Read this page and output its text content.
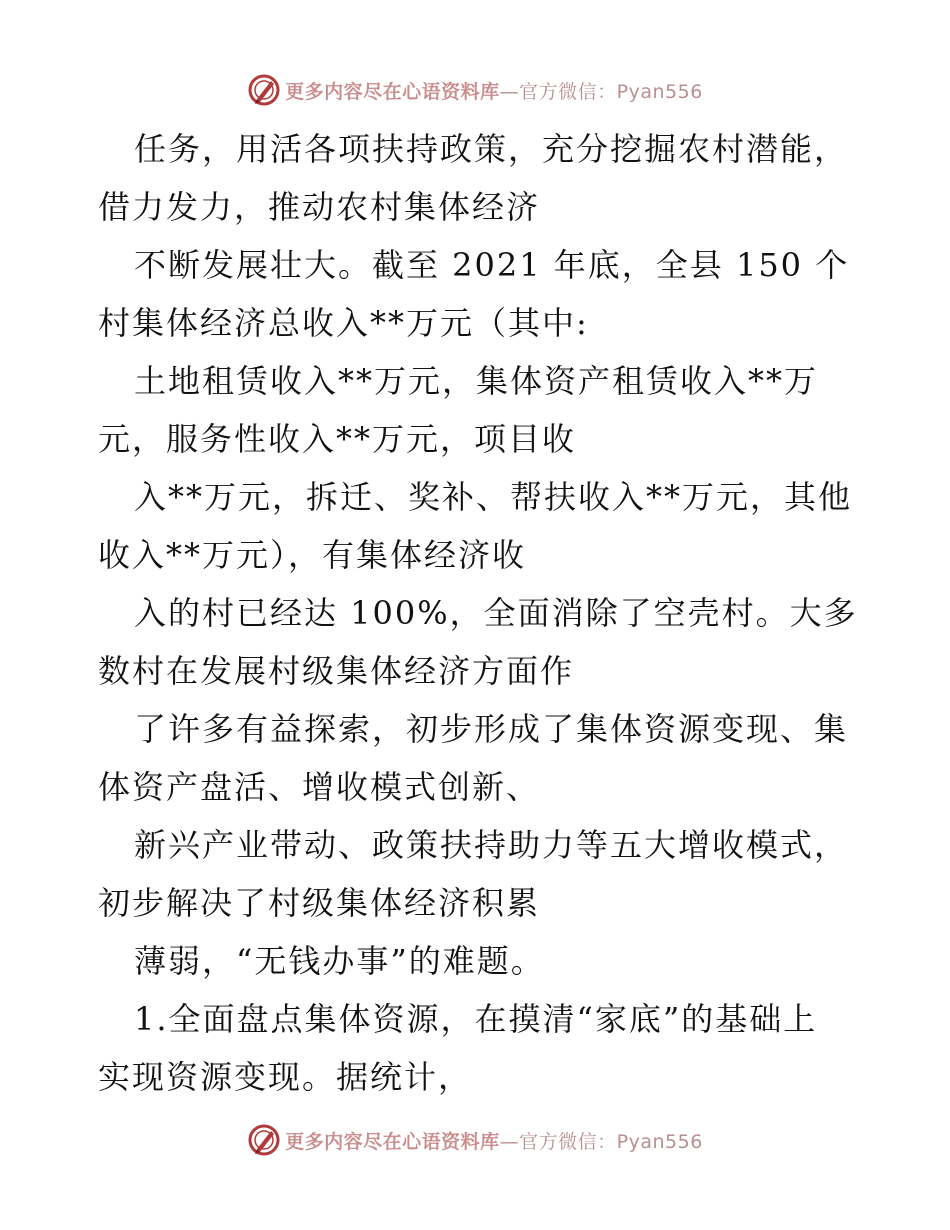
更多内容尽在心语资料库—官方微信：Pyan556
任务，用活各项扶持政策，充分挖掘农村潜能，
借力发力，推动农村集体经济
不断发展壮大。截至 2021 年底，全县 150 个
村集体经济总收入**万元（其中:
土地租赁收入**万元，集体资产租赁收入**万
元，服务性收入**万元，项目收
入**万元，拆迁、奖补、帮扶收入**万元，其他
收入**万元），有集体经济收
入的村已经达 100%，全面消除了空壳村。大多
数村在发展村级集体经济方面作
了许多有益探索，初步形成了集体资源变现、集
体资产盘活、增收模式创新、
新兴产业带动、政策扶持助力等五大增收模式，
初步解决了村级集体经济积累
薄弱，“无钱办事”的难题。
1.全面盘点集体资源，在摸清“家底”的基础上
实现资源变现。据统计，
更多内容尽在心语资料库—官方微信：Pyan556
